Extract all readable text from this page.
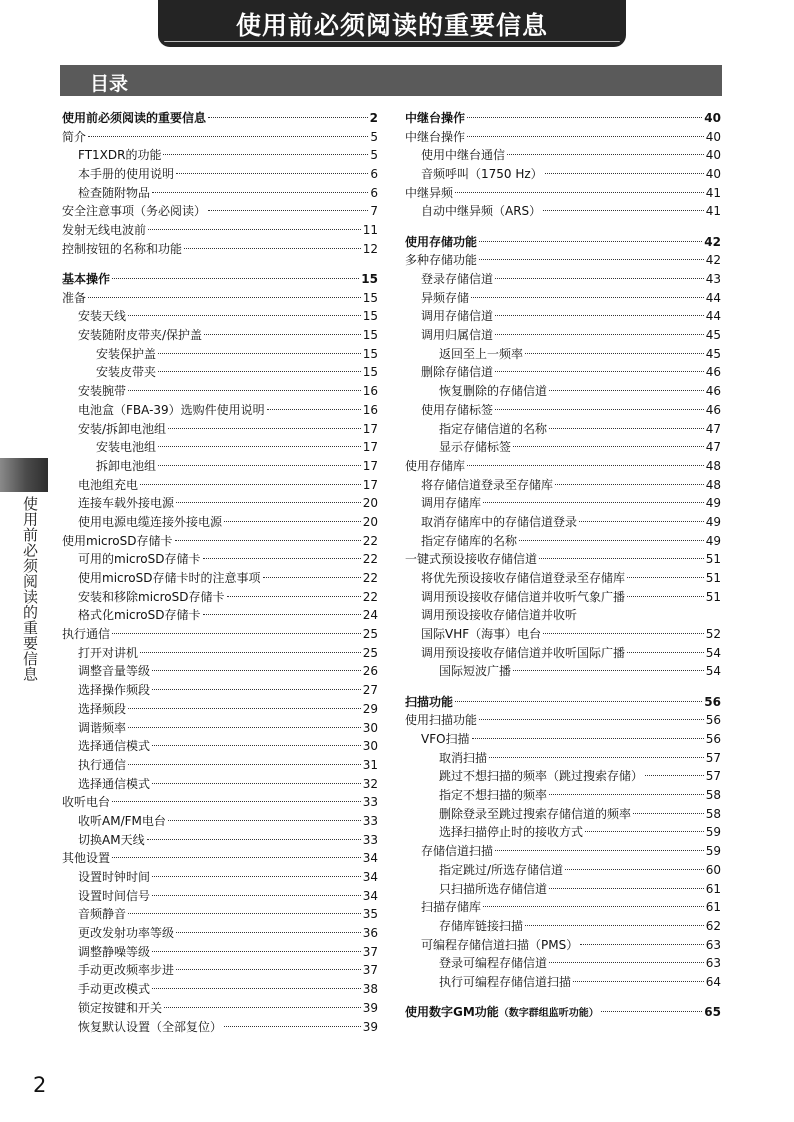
使用前必须阅读的重要信息
目录
使用前必须阅读的重要信息
使用前必须阅读的重要信息	2
简介	5
FT1XDR的功能	5
本手册的使用说明	6
检查随附物品	6
安全注意事项（务必阅读）	7
发射无线电波前	11
控制按钮的名称和功能	12
基本操作	15
准备	15
安装天线	15
安装随附皮带夹/保护盖	15
安装保护盖	15
安装皮带夹	15
安装腕带	16
电池盒（FBA-39）选购件使用说明	16
安装/拆卸电池组	17
安装电池组	17
拆卸电池组	17
电池组充电	17
连接车载外接电源	20
使用电源电缆连接外接电源	20
使用microSD存储卡	22
可用的microSD存储卡	22
使用microSD存储卡时的注意事项	22
安装和移除microSD存储卡	22
格式化microSD存储卡	24
执行通信	25
打开对讲机	25
调整音量等级	26
选择操作频段	27
选择频段	29
调谐频率	30
选择通信模式	30
执行通信	31
选择通信模式	32
收听电台	33
收听AM/FM电台	33
切换AM天线	33
其他设置	34
设置时钟时间	34
设置时间信号	34
音频静音	35
更改发射功率等级	36
调整静噪等级	37
手动更改频率步进	37
手动更改模式	38
锁定按键和开关	39
恢复默认设置（全部复位）	39
中继台操作	40
中继台操作	40
使用中继台通信	40
音频呼叫（1750 Hz）	40
中继异频	41
自动中继异频（ARS）	41
使用存储功能	42
多种存储功能	42
登录存储信道	43
异频存储	44
调用存储信道	44
调用归属信道	45
返回至上一频率	45
删除存储信道	46
恢复删除的存储信道	46
使用存储标签	46
指定存储信道的名称	47
显示存储标签	47
使用存储库	48
将存储信道登录至存储库	48
调用存储库	49
取消存储库中的存储信道登录	49
指定存储库的名称	49
一键式预设接收存储信道	51
将优先预设接收存储信道登录至存储库	51
调用预设接收存储信道并收听气象广播	51
调用预设接收存储信道并收听
国际VHF（海事）电台	52
调用预设接收存储信道并收听国际广播	54
国际短波广播	54
扫描功能	56
使用扫描功能	56
VFO扫描	56
取消扫描	57
跳过不想扫描的频率（跳过搜索存储）	57
指定不想扫描的频率	58
删除登录至跳过搜索存储信道的频率	58
选择扫描停止时的接收方式	59
存储信道扫描	59
指定跳过/所选存储信道	60
只扫描所选存储信道	61
扫描存储库	61
存储库链接扫描	62
可编程存储信道扫描（PMS）	63
登录可编程存储信道	63
执行可编程存储信道扫描	64
使用数字GM功能（数字群组监听功能）	65
2
